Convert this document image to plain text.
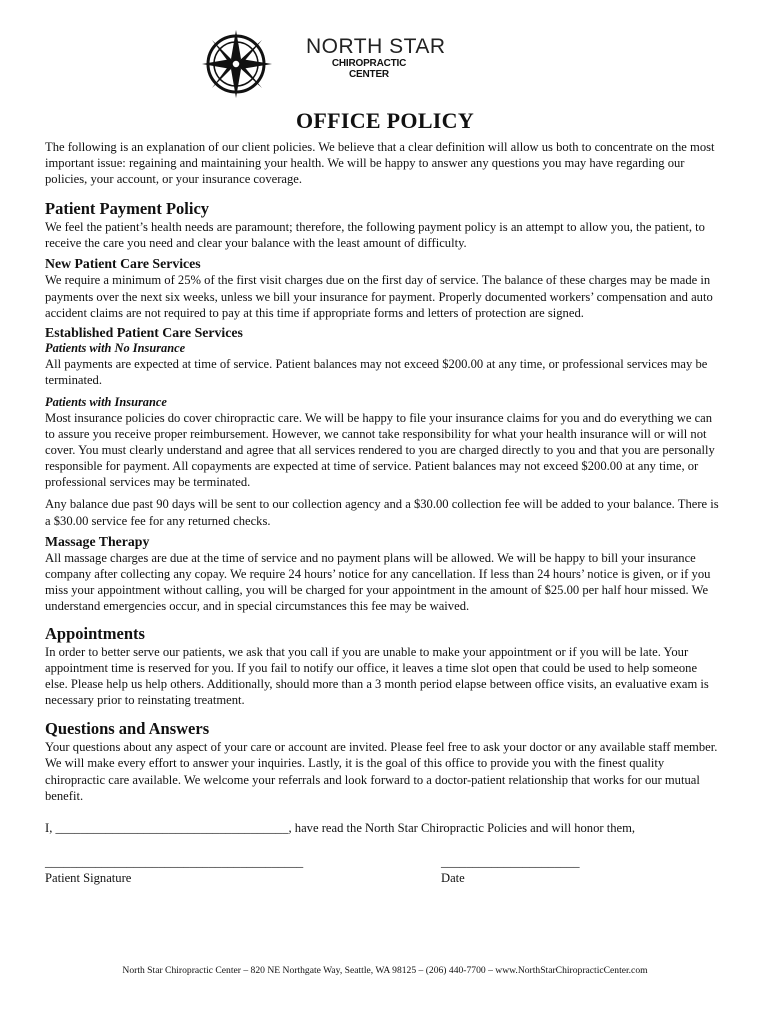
NORTH STAR
CHIROPRACTIC
CENTER
OFFICE POLICY

The following is an explanation of our client policies. We believe that a clear definition will allow us both to concentrate on the most important issue: regaining and maintaining your health. We will be happy to answer any questions you may have regarding our policies, your account, or your insurance coverage.

Patient Payment Policy

We feel the patient’s health needs are paramount; therefore, the following payment policy is an attempt to allow you, the patient, to receive the care you need and clear your balance with the least amount of difficulty.

New Patient Care Services

We require a minimum of 25% of the first visit charges due on the first day of service. The balance of these charges may be made in payments over the next six weeks, unless we bill your insurance for payment. Properly documented workers’ compensation and auto accident claims are not required to pay at this time if appropriate forms and letters of protection are signed.

Established Patient Care Services
Patients with No Insurance

All payments are expected at time of service. Patient balances may not exceed $200.00 at any time, or professional services may be terminated.

Patients with Insurance

Most insurance policies do cover chiropractic care. We will be happy to file your insurance claims for you and do everything we can to assure you receive proper reimbursement. However, we cannot take responsibility for what your health insurance will or will not cover. You must clearly understand and agree that all services rendered to you are charged directly to you and that you are personally responsible for payment. All copayments are expected at time of service. Patient balances may not exceed $200.00 at any time, or professional services may be terminated.

Any balance due past 90 days will be sent to our collection agency and a $30.00 collection fee will be added to your balance. There is a $30.00 service fee for any returned checks.

Massage Therapy

All massage charges are due at the time of service and no payment plans will be allowed. We will be happy to bill your insurance company after collecting any copay. We require 24 hours’ notice for any cancellation. If less than 24 hours’ notice is given, or if you miss your appointment without calling, you will be charged for your appointment in the amount of $25.00 per half hour missed. We understand emergencies occur, and in special circumstances this fee may be waived.

Appointments

In order to better serve our patients, we ask that you call if you are unable to make your appointment or if you will be late. Your appointment time is reserved for you. If you fail to notify our office, it leaves a time slot open that could be used to help someone else. Please help us help others. Additionally, should more than a 3 month period elapse between office visits, an evaluative exam is necessary prior to reinstating treatment.

Questions and Answers

Your questions about any aspect of your care or account are invited. Please feel free to ask your doctor or any available staff member. We will make every effort to answer your inquiries. Lastly, it is the goal of this office to provide you with the finest quality chiropractic care available. We welcome your referrals and look forward to a doctor-patient relationship that works for our mutual benefit.

I, _____________________________________, have read the North Star Chiropractic Policies and will honor them,
_________________________________________
Patient Signature
______________________
Date
North Star Chiropractic Center – 820 NE Northgate Way, Seattle, WA 98125 – (206) 440-7700 – www.NorthStarChiropracticCenter.com
